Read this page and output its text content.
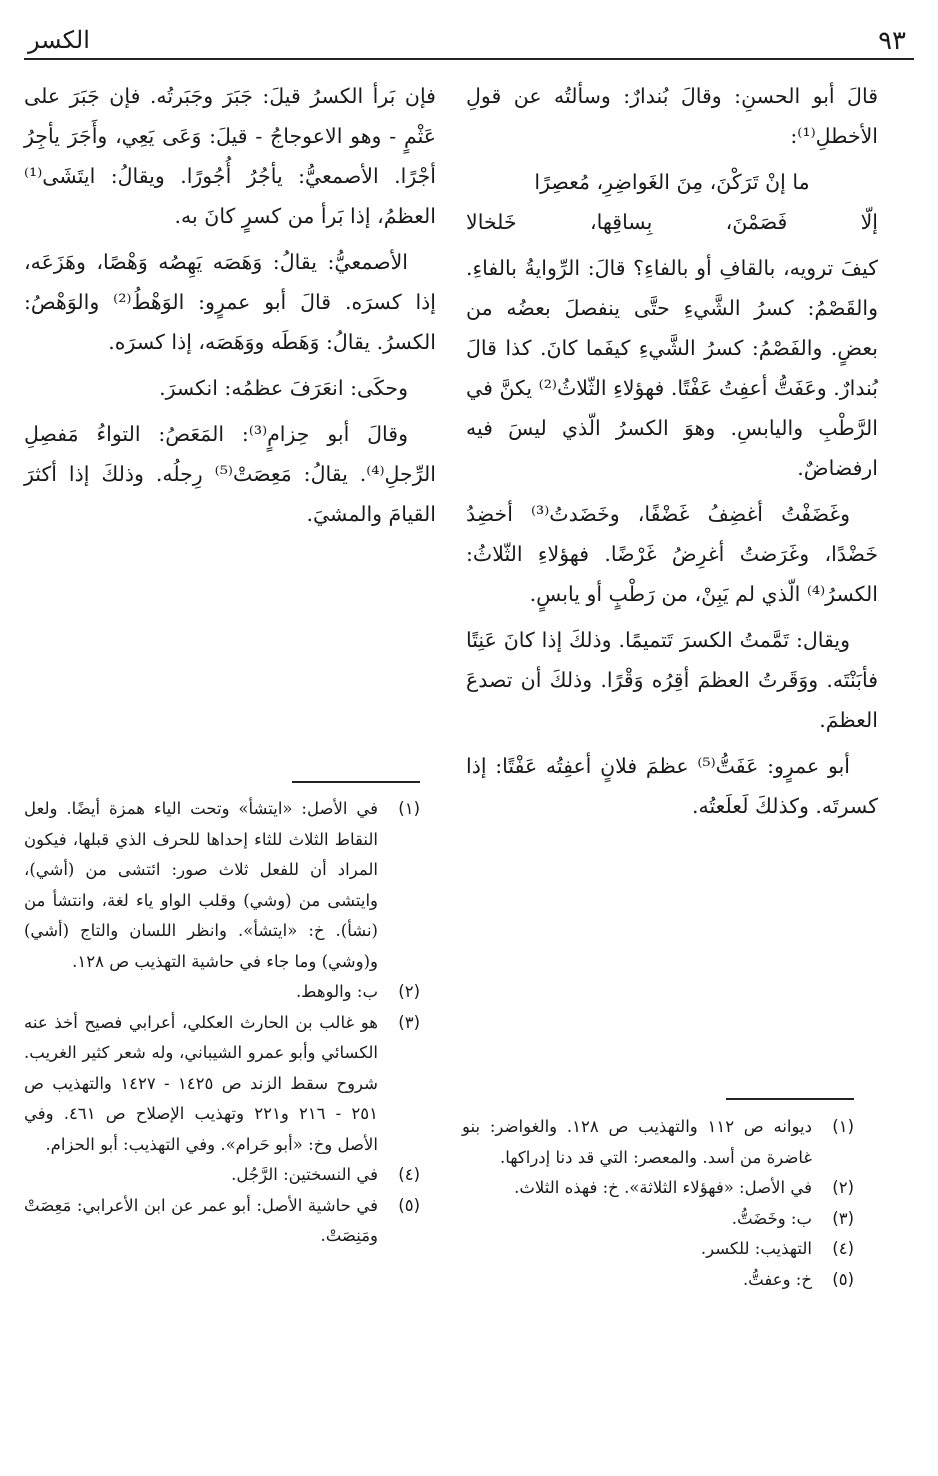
٩٣
الكسر

قالَ أبو الحسنِ: وقالَ بُندارٌ: وسألتُه عن قولِ الأخطلِ⁽¹⁾:

ما إنْ تَرَكْنَ، مِنَ الغَواضِرِ، مُعصِرًا

إلّا فَصَمْنَ، بِساقِها، خَلخالا

كيفَ ترويه، بالقافِ أو بالفاءِ؟ قالَ: الرِّوايةُ بالفاءِ. والقَصْمُ: كسرُ الشَّيءِ حتَّى ينفصلَ بعضُه من بعضٍ. والفَصْمُ: كسرُ الشَّيءِ كيفَما كانَ. كذا قالَ بُندارٌ. وعَفَتُّ أعفِتُ عَفْتًا. فهؤلاءِ الثّلاثُ⁽²⁾ يكنَّ في الرَّطْبِ واليابسِ. وهوَ الكسرُ الّذي ليسَ فيه ارفضاضٌ.

وغَضَفْتُ أغضِفُ غَضْفًا، وخَضَدتُ⁽³⁾ أخضِدُ خَضْدًا، وغَرَضتُ أغرِضُ غَرْضًا. فهؤلاءِ الثّلاثُ: الكسرُ⁽⁴⁾ الّذي لم يَبِنْ، من رَطْبٍ أو يابسٍ.

ويقال: تَمَّمتُ الكسرَ تَتميمًا. وذلكَ إذا كانَ عَنِتًا فأبَنْتَه. ووَقَرتُ العظمَ أقِرُه وَقْرًا. وذلكَ أن تصدعَ العظمَ.

أبو عمرٍو: عَفَتُّ⁽⁵⁾ عظمَ فلانٍ أعفِتُه عَفْتًا: إذا كسرتَه. وكذلكَ لَعلَعتُه.

فإن بَرأ الكسرُ قيلَ: جَبَرَ وجَبَرتُه. فإن جَبَرَ على عَثْمٍ - وهو الاعوجاجُ - قيلَ: وَعَى يَعِي، وأَجَرَ يأجِرُ أجْرًا. الأصمعيُّ: يأجُرُ أُجُورًا. ويقالُ: ايتَشَى⁽¹⁾ العظمُ، إذا بَرأ من كسرٍ كانَ به.

الأصمعيُّ: يقالُ: وَهَصَه يَهِصُه وَهْصًا، وهَزَعَه، إذا كسرَه. قالَ أبو عمرٍو: الوَهْطُ⁽²⁾ والوَهْصُ: الكسرُ. يقالُ: وَهَطَه ووَهَصَه، إذا كسرَه.

وحكَى: انعَرَفَ عظمُه: انكسرَ.

وقالَ أبو حِزامٍ⁽³⁾: المَعَصُ: التواءُ مَفصِلِ الرِّجلِ⁽⁴⁾. يقالُ: مَعِصَتْ⁽⁵⁾ رِجلُه. وذلكَ إذا أكثرَ القيامَ والمشيَ.

(١)
في الأصل: «ايتشأ» وتحت الياء همزة أيضًا. ولعل النقاط الثلاث للثاء إحداها للحرف الذي قبلها، فيكون المراد أن للفعل ثلاث صور: ائتشى من (أشي)، وايتشى من (وشي) وقلب الواو ياء لغة، وانتشأ من (نشأ). خ: «ايتشأ». وانظر اللسان والتاج (أشي) و(وشي) وما جاء في حاشية التهذيب ص ١٢٨.
(٢)
ب: والوهط.
(٣)
هو غالب بن الحارث العكلي، أعرابي فصيح أخذ عنه الكسائي وأبو عمرو الشيباني، وله شعر كثير الغريب. شروح سقط الزند ص ١٤٢٥ - ١٤٢٧ والتهذيب ص ٢٥١ - ٢١٦ و٢٢١ وتهذيب الإصلاح ص ٤٦١. وفي الأصل وخ: «أبو حَرام». وفي التهذيب: أبو الحزام.
(٤)
في النسختين: الرَّجُل.
(٥)
في حاشية الأصل: أبو عمر عن ابن الأعرابي: مَعِصَتْ ومَنِصَتْ.
(١)
ديوانه ص ١١٢ والتهذيب ص ١٢٨. والغواضر: بنو غاضرة من أسد. والمعصر: التي قد دنا إدراكها.
(٢)
في الأصل: «فهؤلاء الثلاثة». خ: فهذه الثلاث.
(٣)
ب: وخَضَتُّ.
(٤)
التهذيب: للكسر.
(٥)
خ: وعفتُّ.
